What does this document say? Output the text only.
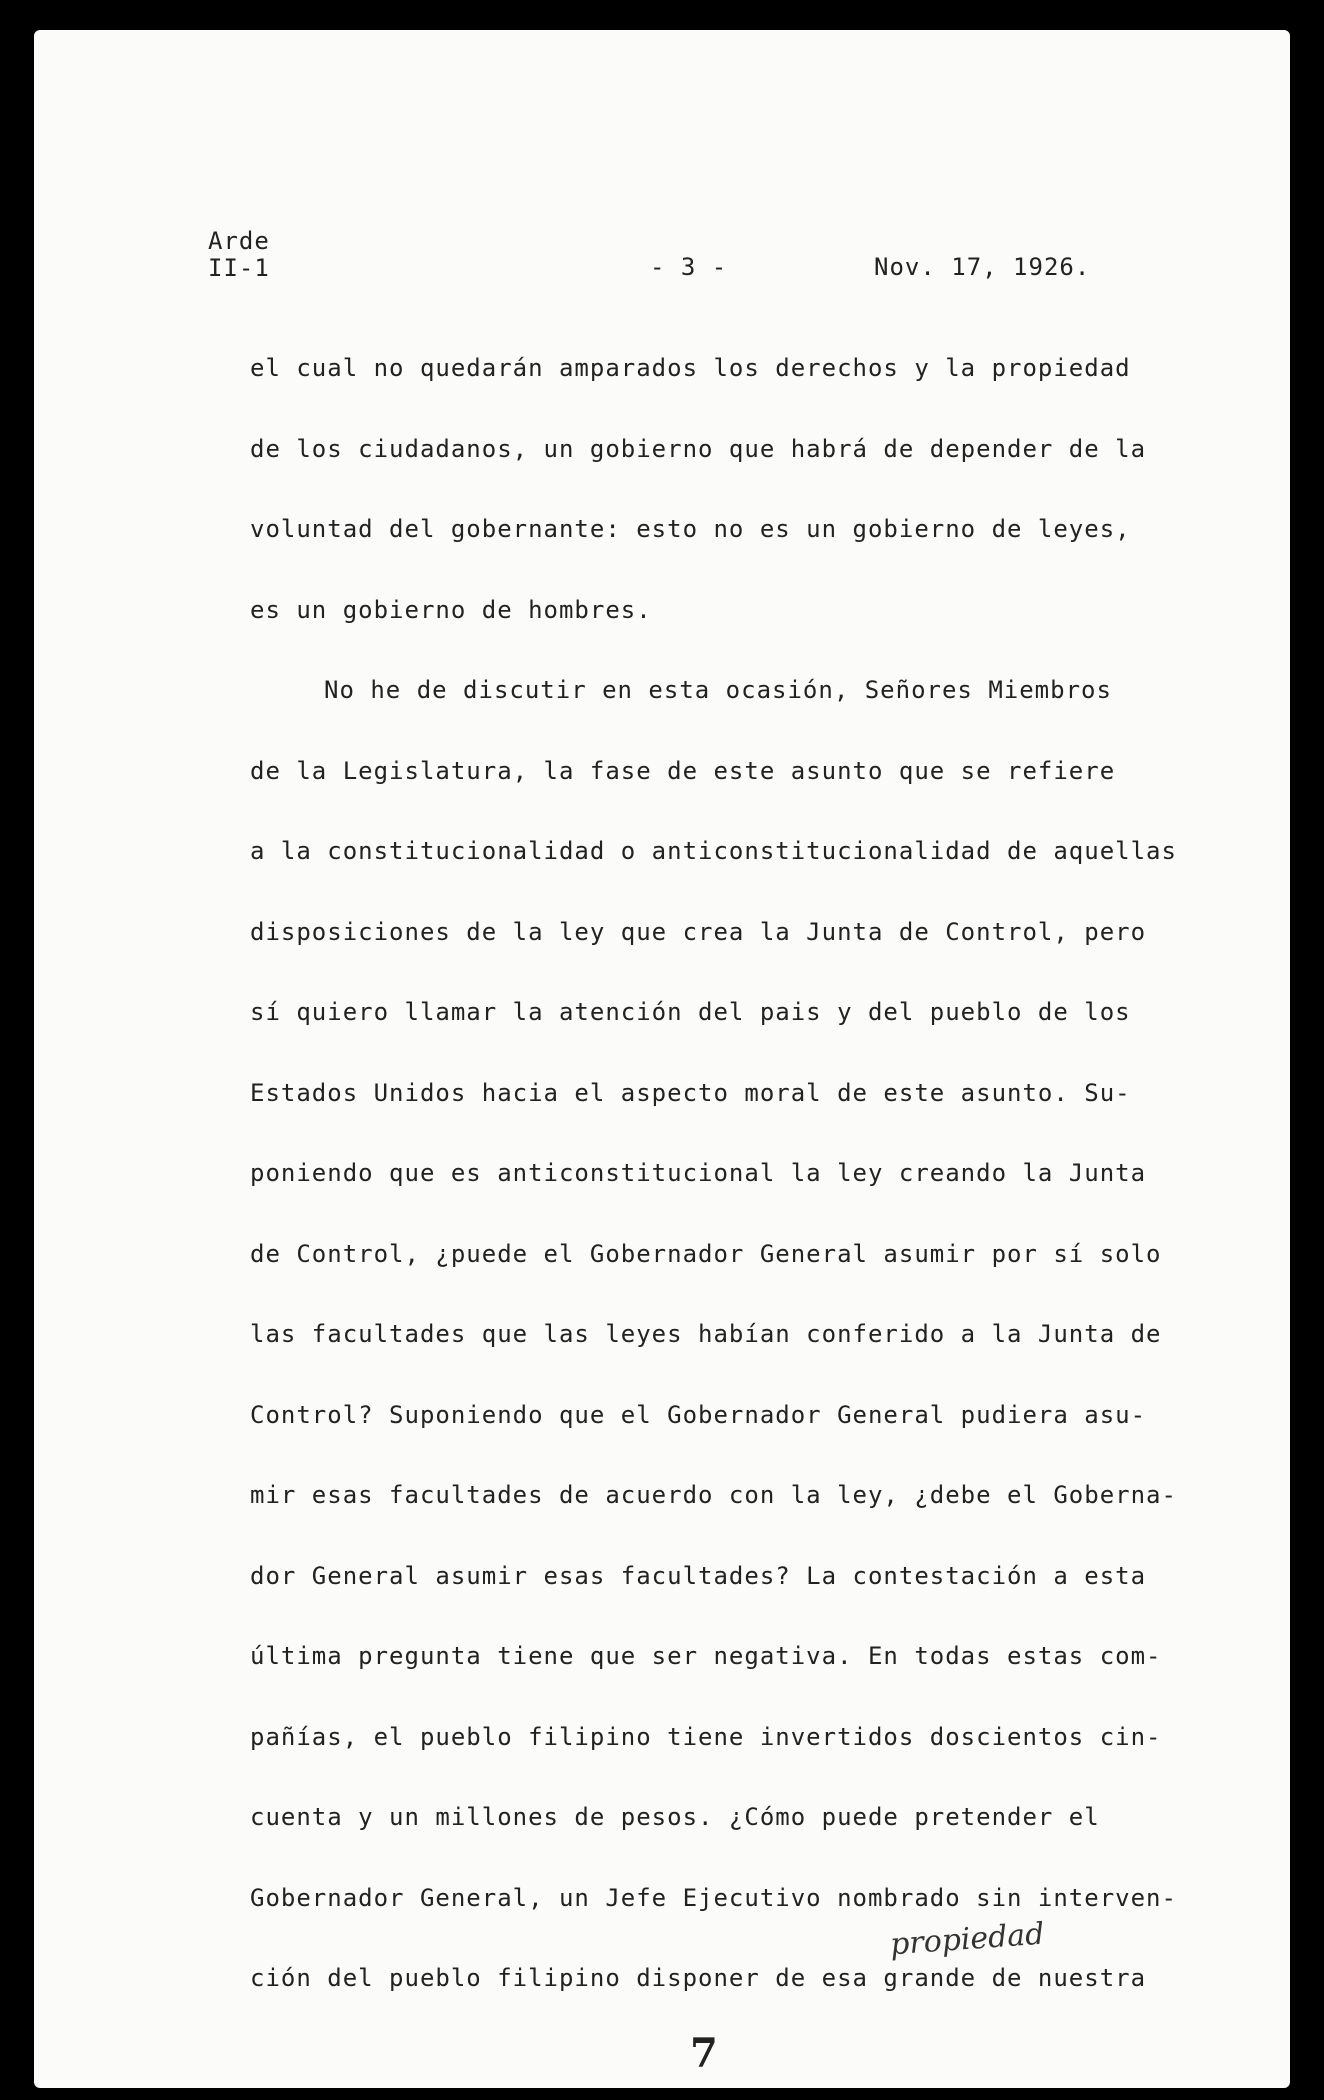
Arde
II-1	- 3 -	Nov. 17, 1926.
el cual no quedarán amparados los derechos y la propiedad
de los ciudadanos, un gobierno que habrá de depender de la
voluntad del gobernante: esto no es un gobierno de leyes,
es un gobierno de hombres.
No he de discutir en esta ocasión, Señores Miembros
de la Legislatura, la fase de este asunto que se refiere
a la constitucionalidad o anticonstitucionalidad de aquellas
disposiciones de la ley que crea la Junta de Control, pero
sí quiero llamar la atención del pais y del pueblo de los
Estados Unidos hacia el aspecto moral de este asunto. Su-
poniendo que es anticonstitucional la ley creando la Junta
de Control, ¿puede el Gobernador General asumir por sí solo
las facultades que las leyes habían conferido a la Junta de
Control? Suponiendo que el Gobernador General pudiera asu-
mir esas facultades de acuerdo con la ley, ¿debe el Goberna-
dor General asumir esas facultades? La contestación a esta
última pregunta tiene que ser negativa. En todas estas com-
pañías, el pueblo filipino tiene invertidos doscientos cin-
cuenta y un millones de pesos. ¿Cómo puede pretender el
Gobernador General, un Jefe Ejecutivo nombrado sin interven-
ción del pueblo filipino disponer de esa grande de nuestra
propiedad
7
